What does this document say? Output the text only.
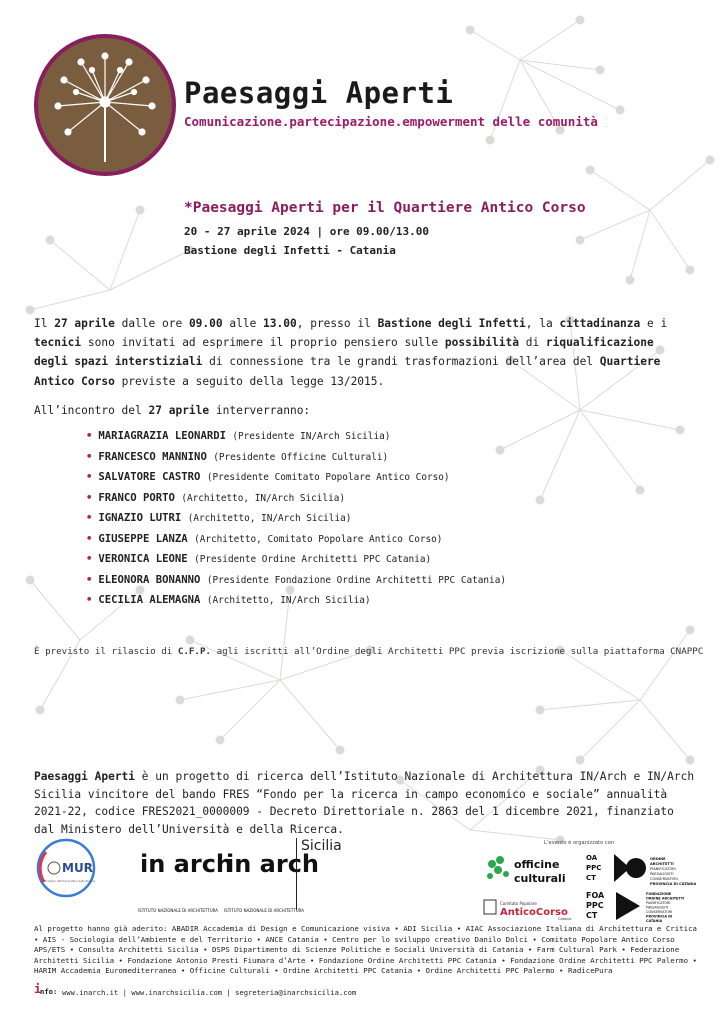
Paesaggi Aperti
Comunicazione.partecipazione.empowerment delle comunità
*Paesaggi Aperti per il Quartiere Antico Corso
20 - 27 aprile 2024 | ore 09.00/13.00
Bastione degli Infetti - Catania
Il 27 aprile dalle ore 09.00 alle 13.00, presso il Bastione degli Infetti, la cittadinanza e i tecnici sono invitati ad esprimere il proprio pensiero sulle possibilità di riqualificazione degli spazi interstiziali di connessione tra le grandi trasformazioni dell’area del Quartiere Antico Corso previste a seguito della legge 13/2015.
All’incontro del 27 aprile interverranno:
• MARIAGRAZIA LEONARDI (Presidente IN/Arch Sicilia)
• FRANCESCO MANNINO (Presidente Officine Culturali)
• SALVATORE CASTRO (Presidente Comitato Popolare Antico Corso)
• FRANCO PORTO (Architetto, IN/Arch Sicilia)
• IGNAZIO LUTRI (Architetto, IN/Arch Sicilia)
• GIUSEPPE LANZA (Architetto, Comitato Popolare Antico Corso)
• VERONICA LEONE (Presidente Ordine Architetti PPC Catania)
• ELEONORA BONANNO (Presidente Fondazione Ordine Architetti PPC Catania)
• CECILIA ALEMAGNA (Architetto, IN/Arch Sicilia)
È previsto il rilascio di C.F.P. agli iscritti all’Ordine degli Architetti PPC previa iscrizione sulla piattaforma CNAPPC
Paesaggi Aperti è un progetto di ricerca dell’Istituto Nazionale di Architettura IN/Arch e IN/Arch Sicilia vincitore del bando FRES “Fondo per la ricerca in campo economico e sociale” annualità 2021-22, codice FRES2021_0000009 - Decreto Direttoriale n. 2863 del 1 dicembre 2021, finanziato dal Ministero dell’Università e della Ricerca.
MUR
Ministero dell'Università e della Ricerca
in arch
ISTITUTO NAZIONALE DI ARCHITETTURA
in arch
ISTITUTO NAZIONALE DI ARCHITETTURA
Sicilia	L’evento è organizzato con
officine
culturali
Comitato Popolare
AnticoCorso
Catania
OA
PPC
CT
ORDINE
ARCHITETTI
PIANIFICATORI
PAESAGGISTI
CONSERVATORI
PROVINCIA DI CATANIA
FOA
PPC
CT
FONDAZIONE
ORDINE ARCHITETTI
PIANIFICATORI
PAESAGGISTI
CONSERVATORI
PROVINCIA DI
CATANIA
Al progetto hanno già aderito: ABADIR Accademia di Design e Comunicazione visiva • ADI Sicilia • AIAC Associazione Italiana di Architettura e Critica • AIS - Sociologia dell’Ambiente e del Territorio • ANCE Catania • Centro per lo sviluppo creativo Danilo Dolci • Comitato Popolare Antico Corso APS/ETS • Consulta Architetti Sicilia • DSPS Dipartimento di Scienze Politiche e Sociali Università di Catania • Farm Cultural Park • Federazione Architetti Sicilia • Fondazione Antonio Presti Fiumara d’Arte • Fondazione Ordine Architetti PPC Catania • Fondazione Ordine Architetti PPC Palermo • HARIM Accademia Euromediterranea • Officine Culturali • Ordine Architetti PPC Catania • Ordine Architetti PPC Palermo • RadicePura
i
nfo: www.inarch.it | www.inarchsicilia.com | segreteria@inarchsicilia.com
